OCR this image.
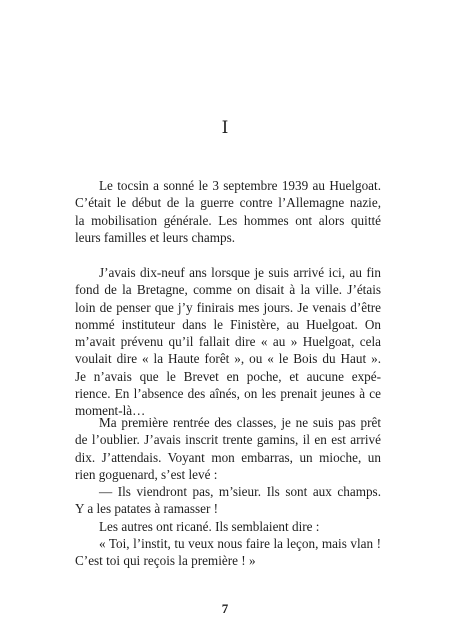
I
Le tocsin a sonné le 3 septembre 1939 au Huelgoat.
C’était le début de la guerre contre l’Allemagne nazie,
la mobilisation générale. Les hommes ont alors quitté
leurs familles et leurs champs.
J’avais dix-neuf ans lorsque je suis arrivé ici, au fin
fond de la Bretagne, comme on disait à la ville. J’étais
loin de penser que j’y finirais mes jours. Je venais d’être
nommé instituteur dans le Finistère, au Huelgoat. On
m’avait prévenu qu’il fallait dire « au » Huelgoat, cela
voulait dire « la Haute forêt », ou « le Bois du Haut ».
Je n’avais que le Brevet en poche, et aucune expé-
rience. En l’absence des aînés, on les prenait jeunes à ce
moment-là…
Ma première rentrée des classes, je ne suis pas prêt
de l’oublier. J’avais inscrit trente gamins, il en est arrivé
dix. J’attendais. Voyant mon embarras, un mioche, un
rien goguenard, s’est levé :
— Ils viendront pas, m’sieur. Ils sont aux champs.
Y a les patates à ramasser !
Les autres ont ricané. Ils semblaient dire :
« Toi, l’instit, tu veux nous faire la leçon, mais vlan !
C’est toi qui reçois la première ! »
7
